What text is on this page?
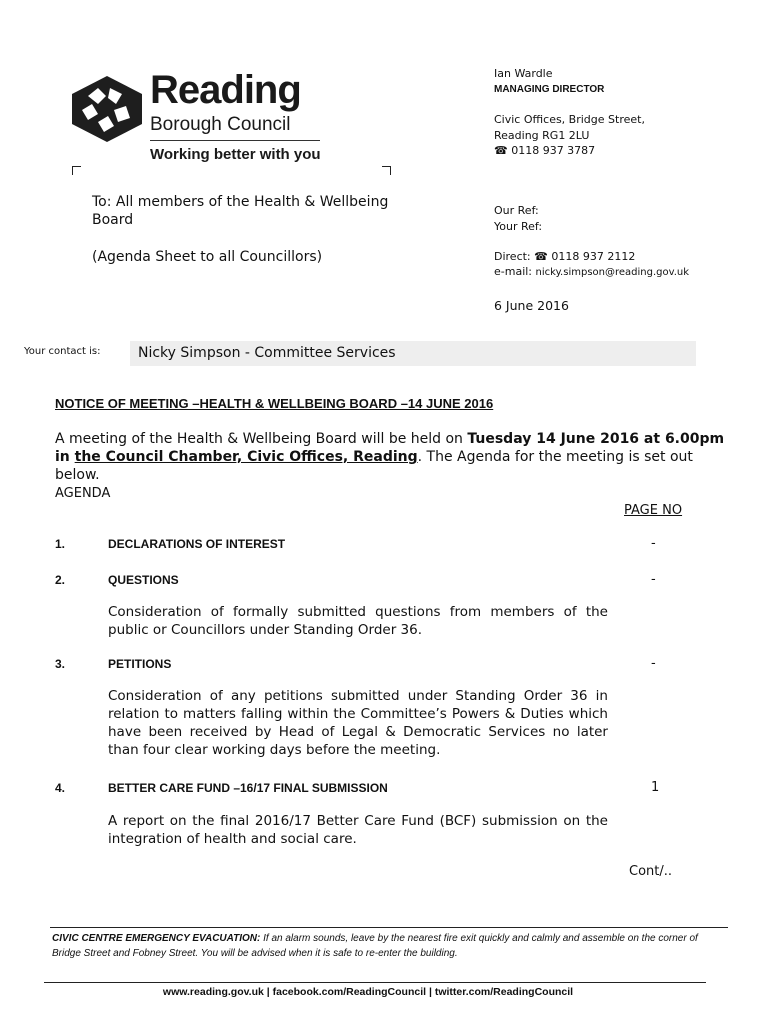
Reading
Borough Council
Working better with you
Ian Wardle
MANAGING DIRECTOR
Civic Offices, Bridge Street,
Reading RG1 2LU
☎ 0118 937 3787
Our Ref:
Your Ref:
Direct: ☎ 0118 937 2112
e-mail: nicky.simpson@reading.gov.uk
6 June 2016
To: All members of the Health & Wellbeing Board
(Agenda Sheet to all Councillors)
Your contact is:	Nicky Simpson - Committee Services
NOTICE OF MEETING –HEALTH & WELLBEING BOARD –14 JUNE 2016
A meeting of the Health & Wellbeing Board will be held on Tuesday 14 June 2016 at 6.00pm in the Council Chamber, Civic Offices, Reading. The Agenda for the meeting is set out below.
AGENDA
PAGE NO
1.	DECLARATIONS OF INTEREST	-
2.	QUESTIONS	-
Consideration of formally submitted questions from members of the public or Councillors under Standing Order 36.
3.	PETITIONS	-
Consideration of any petitions submitted under Standing Order 36 in relation to matters falling within the Committee’s Powers & Duties which have been received by Head of Legal & Democratic Services no later than four clear working days before the meeting.
4.	BETTER CARE FUND –16/17 FINAL SUBMISSION	1
A report on the final 2016/17 Better Care Fund (BCF) submission on the integration of health and social care.
Cont/..
CIVIC CENTRE EMERGENCY EVACUATION: If an alarm sounds, leave by the nearest fire exit quickly and calmly and assemble on the corner of Bridge Street and Fobney Street. You will be advised when it is safe to re-enter the building.
www.reading.gov.uk | facebook.com/ReadingCouncil | twitter.com/ReadingCouncil
